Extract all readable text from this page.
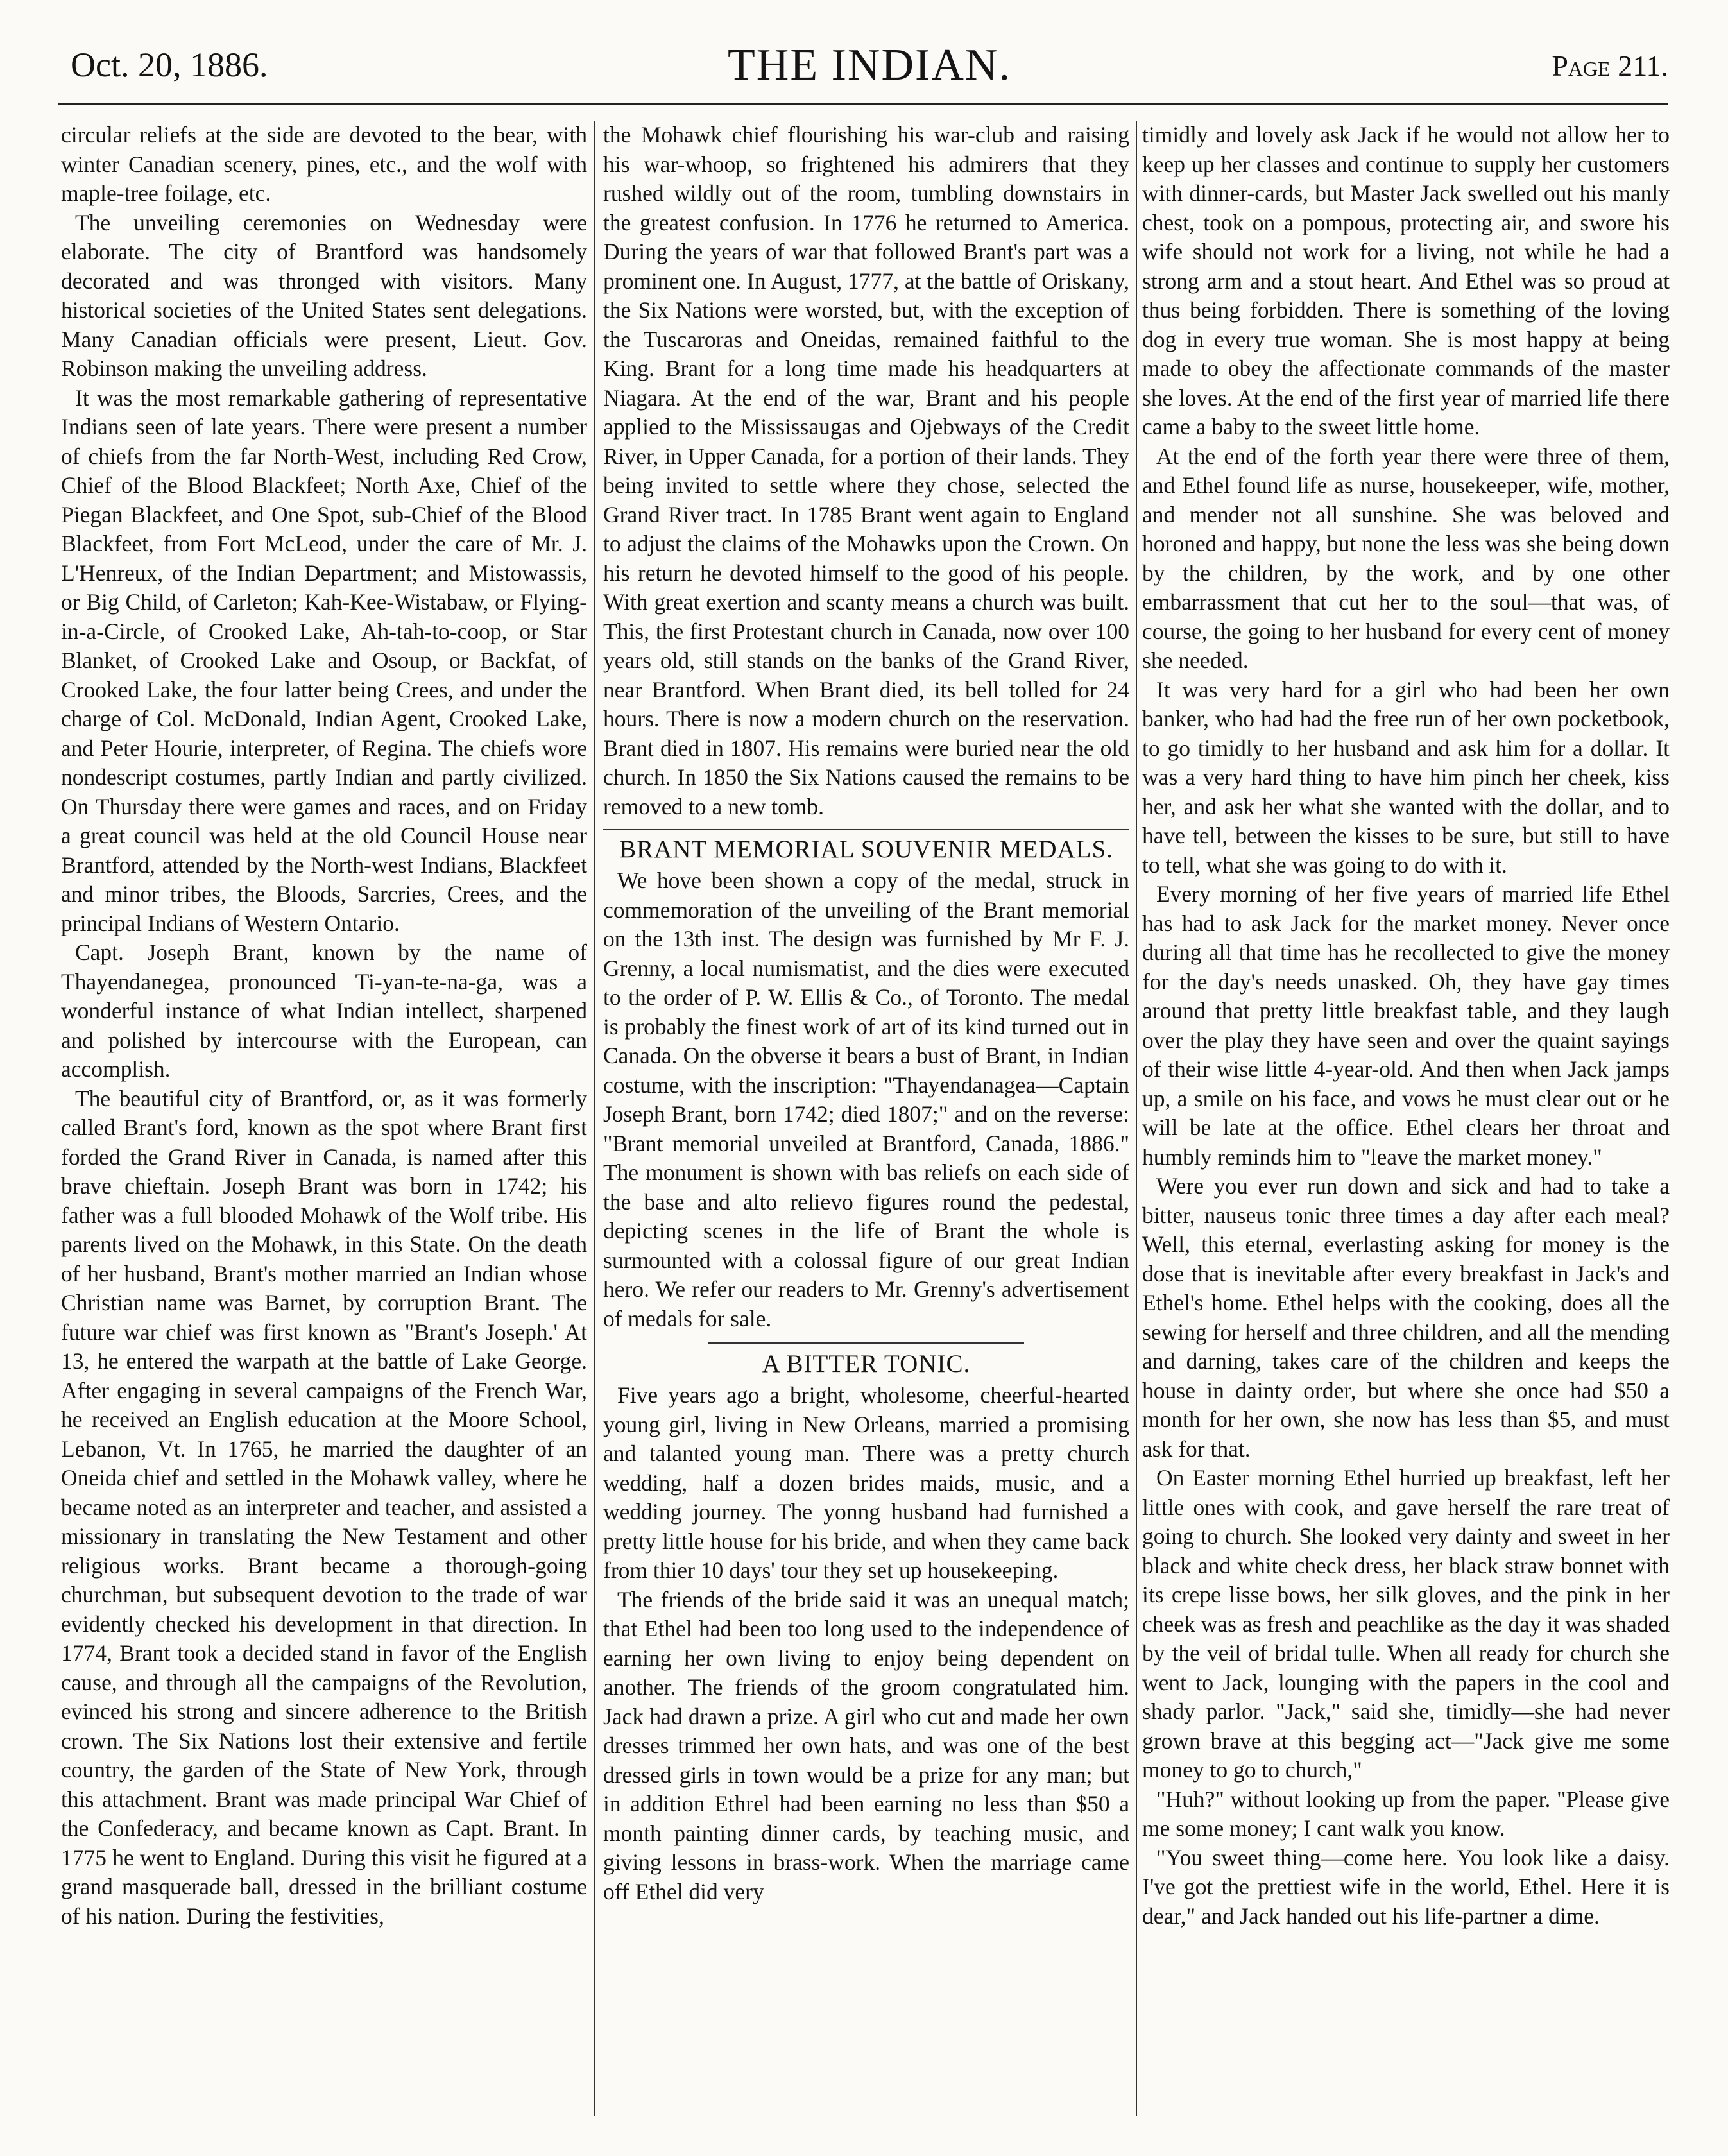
Oct. 20, 1886.	THE INDIAN.	Page 211.

circular reliefs at the side are devoted to the bear, with winter Canadian scenery, pines, etc., and the wolf with maple-tree foilage, etc.

The unveiling ceremonies on Wednesday were elaborate. The city of Brantford was handsomely decorated and was thronged with visitors. Many historical societies of the United States sent delegations. Many Canadian officials were present, Lieut. Gov. Robinson making the unveiling address.

It was the most remarkable gathering of representative Indians seen of late years. There were present a number of chiefs from the far North-West, including Red Crow, Chief of the Blood Blackfeet; North Axe, Chief of the Piegan Blackfeet, and One Spot, sub-Chief of the Blood Blackfeet, from Fort McLeod, under the care of Mr. J. L'Henreux, of the Indian Department; and Mistowassis, or Big Child, of Carleton; Kah-Kee-Wistabaw, or Flying-in-a-Circle, of Crooked Lake, Ah-tah-to-coop, or Star Blanket, of Crooked Lake and Osoup, or Backfat, of Crooked Lake, the four latter being Crees, and under the charge of Col. McDonald, Indian Agent, Crooked Lake, and Peter Hourie, interpreter, of Regina. The chiefs wore nondescript costumes, partly Indian and partly civilized. On Thursday there were games and races, and on Friday a great council was held at the old Council House near Brantford, attended by the North-west Indians, Blackfeet and minor tribes, the Bloods, Sarcries, Crees, and the principal Indians of Western Ontario.

Capt. Joseph Brant, known by the name of Thayendanegea, pronounced Ti-yan-te-na-ga, was a wonderful instance of what Indian intellect, sharpened and polished by intercourse with the European, can accomplish.

The beautiful city of Brantford, or, as it was formerly called Brant's ford, known as the spot where Brant first forded the Grand River in Canada, is named after this brave chieftain. Joseph Brant was born in 1742; his father was a full blooded Mohawk of the Wolf tribe. His parents lived on the Mohawk, in this State. On the death of her husband, Brant's mother married an Indian whose Christian name was Barnet, by corruption Brant. The future war chief was first known as "Brant's Joseph.' At 13, he entered the warpath at the battle of Lake George. After engaging in several campaigns of the French War, he received an English education at the Moore School, Lebanon, Vt. In 1765, he married the daughter of an Oneida chief and settled in the Mohawk valley, where he became noted as an interpreter and teacher, and assisted a missionary in translating the New Testament and other religious works. Brant became a thorough-going churchman, but subsequent devotion to the trade of war evidently checked his development in that direction. In 1774, Brant took a decided stand in favor of the English cause, and through all the campaigns of the Revolution, evinced his strong and sincere adherence to the British crown. The Six Nations lost their extensive and fertile country, the garden of the State of New York, through this attachment. Brant was made principal War Chief of the Confederacy, and became known as Capt. Brant. In 1775 he went to England. During this visit he figured at a grand masquerade ball, dressed in the brilliant costume of his nation. During the festivities,

the Mohawk chief flourishing his war-club and raising his war-whoop, so frightened his admirers that they rushed wildly out of the room, tumbling downstairs in the greatest confusion. In 1776 he returned to America. During the years of war that followed Brant's part was a prominent one. In August, 1777, at the battle of Oriskany, the Six Nations were worsted, but, with the exception of the Tuscaroras and Oneidas, remained faithful to the King. Brant for a long time made his headquarters at Niagara. At the end of the war, Brant and his people applied to the Mississaugas and Ojebways of the Credit River, in Upper Canada, for a portion of their lands. They being invited to settle where they chose, selected the Grand River tract. In 1785 Brant went again to England to adjust the claims of the Mohawks upon the Crown. On his return he devoted himself to the good of his people. With great exertion and scanty means a church was built. This, the first Protestant church in Canada, now over 100 years old, still stands on the banks of the Grand River, near Brantford. When Brant died, its bell tolled for 24 hours. There is now a modern church on the reservation. Brant died in 1807. His remains were buried near the old church. In 1850 the Six Nations caused the remains to be removed to a new tomb.

BRANT MEMORIAL SOUVENIR MEDALS.

We hove been shown a copy of the medal, struck in commemoration of the unveiling of the Brant memorial on the 13th inst. The design was furnished by Mr F. J. Grenny, a local numismatist, and the dies were executed to the order of P. W. Ellis & Co., of Toronto. The medal is probably the finest work of art of its kind turned out in Canada. On the obverse it bears a bust of Brant, in Indian costume, with the inscription: "Thayendanagea—Captain Joseph Brant, born 1742; died 1807;" and on the reverse: "Brant memorial unveiled at Brantford, Canada, 1886." The monument is shown with bas reliefs on each side of the base and alto relievo figures round the pedestal, depicting scenes in the life of Brant the whole is surmounted with a colossal figure of our great Indian hero. We refer our readers to Mr. Grenny's advertisement of medals for sale.

A BITTER TONIC.

Five years ago a bright, wholesome, cheerful-hearted young girl, living in New Orleans, married a promising and talanted young man. There was a pretty church wedding, half a dozen brides maids, music, and a wedding journey. The yonng husband had furnished a pretty little house for his bride, and when they came back from thier 10 days' tour they set up housekeeping.

The friends of the bride said it was an unequal match; that Ethel had been too long used to the independence of earning her own living to enjoy being dependent on another. The friends of the groom congratulated him. Jack had drawn a prize. A girl who cut and made her own dresses trimmed her own hats, and was one of the best dressed girls in town would be a prize for any man; but in addition Ethrel had been earning no less than $50 a month painting dinner cards, by teaching music, and giving lessons in brass-work. When the marriage came off Ethel did very

timidly and lovely ask Jack if he would not allow her to keep up her classes and continue to supply her customers with dinner-cards, but Master Jack swelled out his manly chest, took on a pompous, protecting air, and swore his wife should not work for a living, not while he had a strong arm and a stout heart. And Ethel was so proud at thus being forbidden. There is something of the loving dog in every true woman. She is most happy at being made to obey the affectionate commands of the master she loves. At the end of the first year of married life there came a baby to the sweet little home.

At the end of the forth year there were three of them, and Ethel found life as nurse, housekeeper, wife, mother, and mender not all sunshine. She was beloved and horoned and happy, but none the less was she being down by the children, by the work, and by one other embarrassment that cut her to the soul—that was, of course, the going to her husband for every cent of money she needed.

It was very hard for a girl who had been her own banker, who had had the free run of her own pocketbook, to go timidly to her husband and ask him for a dollar. It was a very hard thing to have him pinch her cheek, kiss her, and ask her what she wanted with the dollar, and to have tell, between the kisses to be sure, but still to have to tell, what she was going to do with it.

Every morning of her five years of married life Ethel has had to ask Jack for the market money. Never once during all that time has he recollected to give the money for the day's needs unasked. Oh, they have gay times around that pretty little breakfast table, and they laugh over the play they have seen and over the quaint sayings of their wise little 4-year-old. And then when Jack jamps up, a smile on his face, and vows he must clear out or he will be late at the office. Ethel clears her throat and humbly reminds him to "leave the market money."

Were you ever run down and sick and had to take a bitter, nauseus tonic three times a day after each meal? Well, this eternal, everlasting asking for money is the dose that is inevitable after every breakfast in Jack's and Ethel's home. Ethel helps with the cooking, does all the sewing for herself and three children, and all the mending and darning, takes care of the children and keeps the house in dainty order, but where she once had $50 a month for her own, she now has less than $5, and must ask for that.

On Easter morning Ethel hurried up breakfast, left her little ones with cook, and gave herself the rare treat of going to church. She looked very dainty and sweet in her black and white check dress, her black straw bonnet with its crepe lisse bows, her silk gloves, and the pink in her cheek was as fresh and peachlike as the day it was shaded by the veil of bridal tulle. When all ready for church she went to Jack, lounging with the papers in the cool and shady parlor. "Jack," said she, timidly—she had never grown brave at this begging act—"Jack give me some money to go to church,"

"Huh?" without looking up from the paper. "Please give me some money; I cant walk you know.

"You sweet thing—come here. You look like a daisy. I've got the prettiest wife in the world, Ethel. Here it is dear," and Jack handed out his life-partner a dime.
